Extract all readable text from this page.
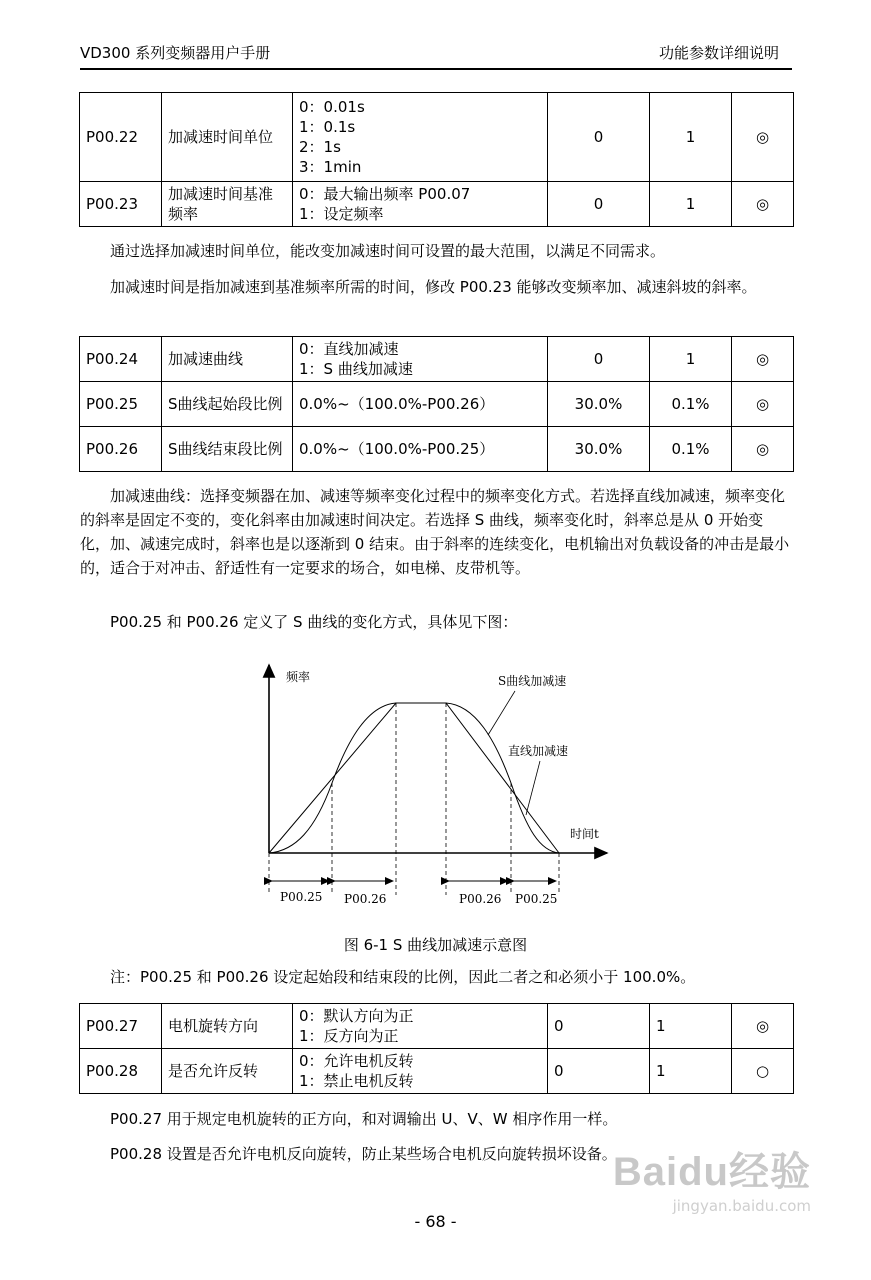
VD300 系列变频器用户手册	功能参数详细说明
P00.22	加减速时间单位	0：0.01s
1：0.1s
2：1s
3：1min	0	1	◎
P00.23	加减速时间基准频率	0：最大输出频率 P00.07
1：设定频率	0	1	◎

通过选择加减速时间单位，能改变加减速时间可设置的最大范围，以满足不同需求。

加减速时间是指加减速到基准频率所需的时间，修改 P00.23 能够改变频率加、减速斜坡的斜率。

P00.24	加减速曲线	0：直线加减速
1：S 曲线加减速	0	1	◎
P00.25	S曲线起始段比例	0.0%~（100.0%-P00.26）	30.0%	0.1%	◎
P00.26	S曲线结束段比例	0.0%~（100.0%-P00.25）	30.0%	0.1%	◎

加减速曲线：选择变频器在加、减速等频率变化过程中的频率变化方式。若选择直线加减速，频率变化的斜率是固定不变的，变化斜率由加减速时间决定。若选择 S 曲线，频率变化时，斜率总是从 0 开始变化，加、减速完成时，斜率也是以逐渐到 0 结束。由于斜率的连续变化，电机输出对负载设备的冲击是最小的，适合于对冲击、舒适性有一定要求的场合，如电梯、皮带机等。

P00.25 和 P00.26 定义了 S 曲线的变化方式，具体见下图：

频率
时间t
S曲线加减速
直线加减速
P00.25 P00.26	P00.26 P00.25
图 6-1 S 曲线加减速示意图

注：P00.25 和 P00.26 设定起始段和结束段的比例，因此二者之和必须小于 100.0%。

P00.27	电机旋转方向	0：默认方向为正
1：反方向为正	0	1	◎
P00.28	是否允许反转	0：允许电机反转
1：禁止电机反转	0	1	○

P00.27 用于规定电机旋转的正方向，和对调输出 U、V、W 相序作用一样。

P00.28 设置是否允许电机反向旋转，防止某些场合电机反向旋转损坏设备。

- 68 -
Baidu经验
jingyan.baidu.com
